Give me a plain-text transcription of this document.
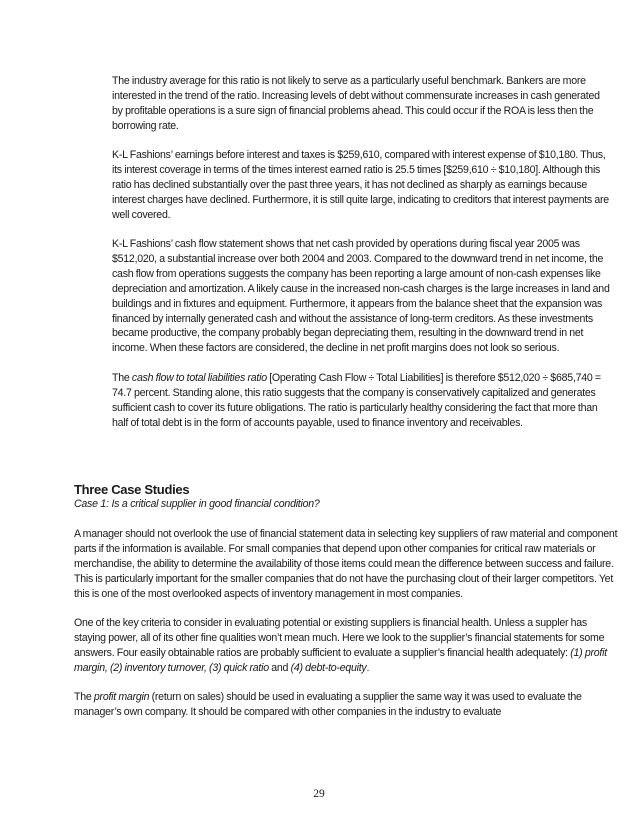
The industry average for this ratio is not likely to serve as a particularly useful benchmark. Bankers are more interested in the trend of the ratio. Increasing levels of debt without commensurate increases in cash generated by profitable operations is a sure sign of financial problems ahead. This could occur if the ROA is less then the borrowing rate.

K-L Fashions’ earnings before interest and taxes is $259,610, compared with interest expense of $10,180. Thus, its interest coverage in terms of the times interest earned ratio is 25.5 times [$259,610 ÷ $10,180]. Although this ratio has declined substantially over the past three years, it has not declined as sharply as earnings because interest charges have declined. Furthermore, it is still quite large, indicating to creditors that interest payments are well covered.

K-L Fashions’ cash flow statement shows that net cash provided by operations during fiscal year 2005 was $512,020, a substantial increase over both 2004 and 2003. Compared to the downward trend in net income, the cash flow from operations suggests the company has been reporting a large amount of non-cash expenses like depreciation and amortization. A likely cause in the increased non-cash charges is the large increases in land and buildings and in fixtures and equipment. Furthermore, it appears from the balance sheet that the expansion was financed by internally generated cash and without the assistance of long-term creditors. As these investments became productive, the company probably began depreciating them, resulting in the downward trend in net income. When these factors are considered, the decline in net profit margins does not look so serious.

The cash flow to total liabilities ratio [Operating Cash Flow ÷ Total Liabilities] is therefore $512,020 ÷ $685,740 = 74.7 percent. Standing alone, this ratio suggests that the company is conservatively capitalized and generates sufficient cash to cover its future obligations. The ratio is particularly healthy considering the fact that more than half of total debt is in the form of accounts payable, used to finance inventory and receivables.

Three Case Studies

Case 1: Is a critical supplier in good financial condition?

A manager should not overlook the use of financial statement data in selecting key suppliers of raw material and component parts if the information is available. For small companies that depend upon other companies for critical raw materials or merchandise, the ability to determine the availability of those items could mean the difference between success and failure. This is particularly important for the smaller companies that do not have the purchasing clout of their larger competitors. Yet this is one of the most overlooked aspects of inventory management in most companies.

One of the key criteria to consider in evaluating potential or existing suppliers is financial health. Unless a suppler has staying power, all of its other fine qualities won’t mean much. Here we look to the supplier’s financial statements for some answers. Four easily obtainable ratios are probably sufficient to evaluate a supplier’s financial health adequately: (1) profit margin, (2) inventory turnover, (3) quick ratio and (4) debt-to-equity.

The profit margin (return on sales) should be used in evaluating a supplier the same way it was used to evaluate the manager’s own company. It should be compared with other companies in the industry to evaluate

29
